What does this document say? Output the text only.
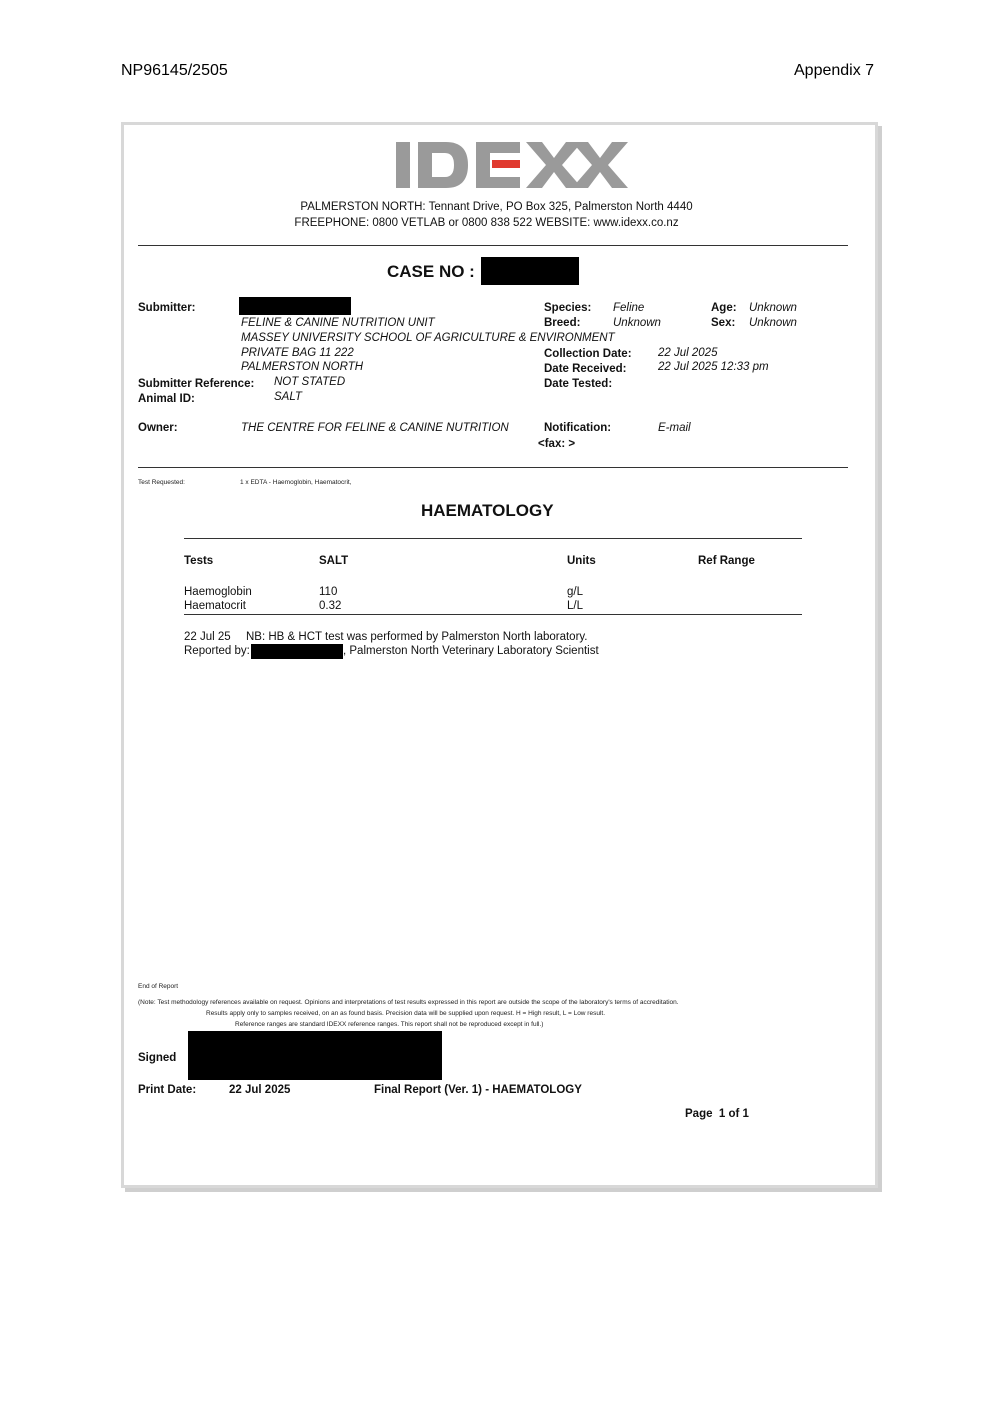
NP96145/2505	Appendix 7
PALMERSTON NORTH: Tennant Drive, PO Box 325, Palmerston North 4440
FREEPHONE: 0800 VETLAB or 0800 838 522 WEBSITE: www.idexx.co.nz
CASE NO :
Submitter:
FELINE & CANINE NUTRITION UNIT
MASSEY UNIVERSITY SCHOOL OF AGRICULTURE & ENVIRONMENT
PRIVATE BAG 11 222
PALMERSTON NORTH
Submitter Reference: NOT STATED
Animal ID:	SALT
Owner:	THE CENTRE FOR FELINE & CANINE NUTRITION
Species: Feline	Age: Unknown
Breed:	Unknown	Sex: Unknown
Collection Date: 22 Jul 2025
Date Received:	22 Jul 2025 12:33 pm
Date Tested:
Notification:	E-mail
<fax: >
Test Requested:	1 x EDTA - Haemoglobin, Haematocrit,
HAEMATOLOGY
Tests	SALT	Units	Ref Range
Haemoglobin	110	g/L
Haematocrit	0.32	L/L
22 Jul 25 NB: HB & HCT test was performed by Palmerston North laboratory.
Reported by:	, Palmerston North Veterinary Laboratory Scientist
End of Report
(Note: Test methodology references available on request. Opinions and interpretations of test results expressed in this report are outside the scope of the laboratory's terms of accreditation.
Results apply only to samples received, on an as found basis. Precision data will be supplied upon request. H = High result, L = Low result.
Reference ranges are standard IDEXX reference ranges. This report shall not be reproduced except in full.)
Signed
Print Date:	22 Jul 2025	Final Report (Ver. 1) - HAEMATOLOGY
Page  1 of 1
